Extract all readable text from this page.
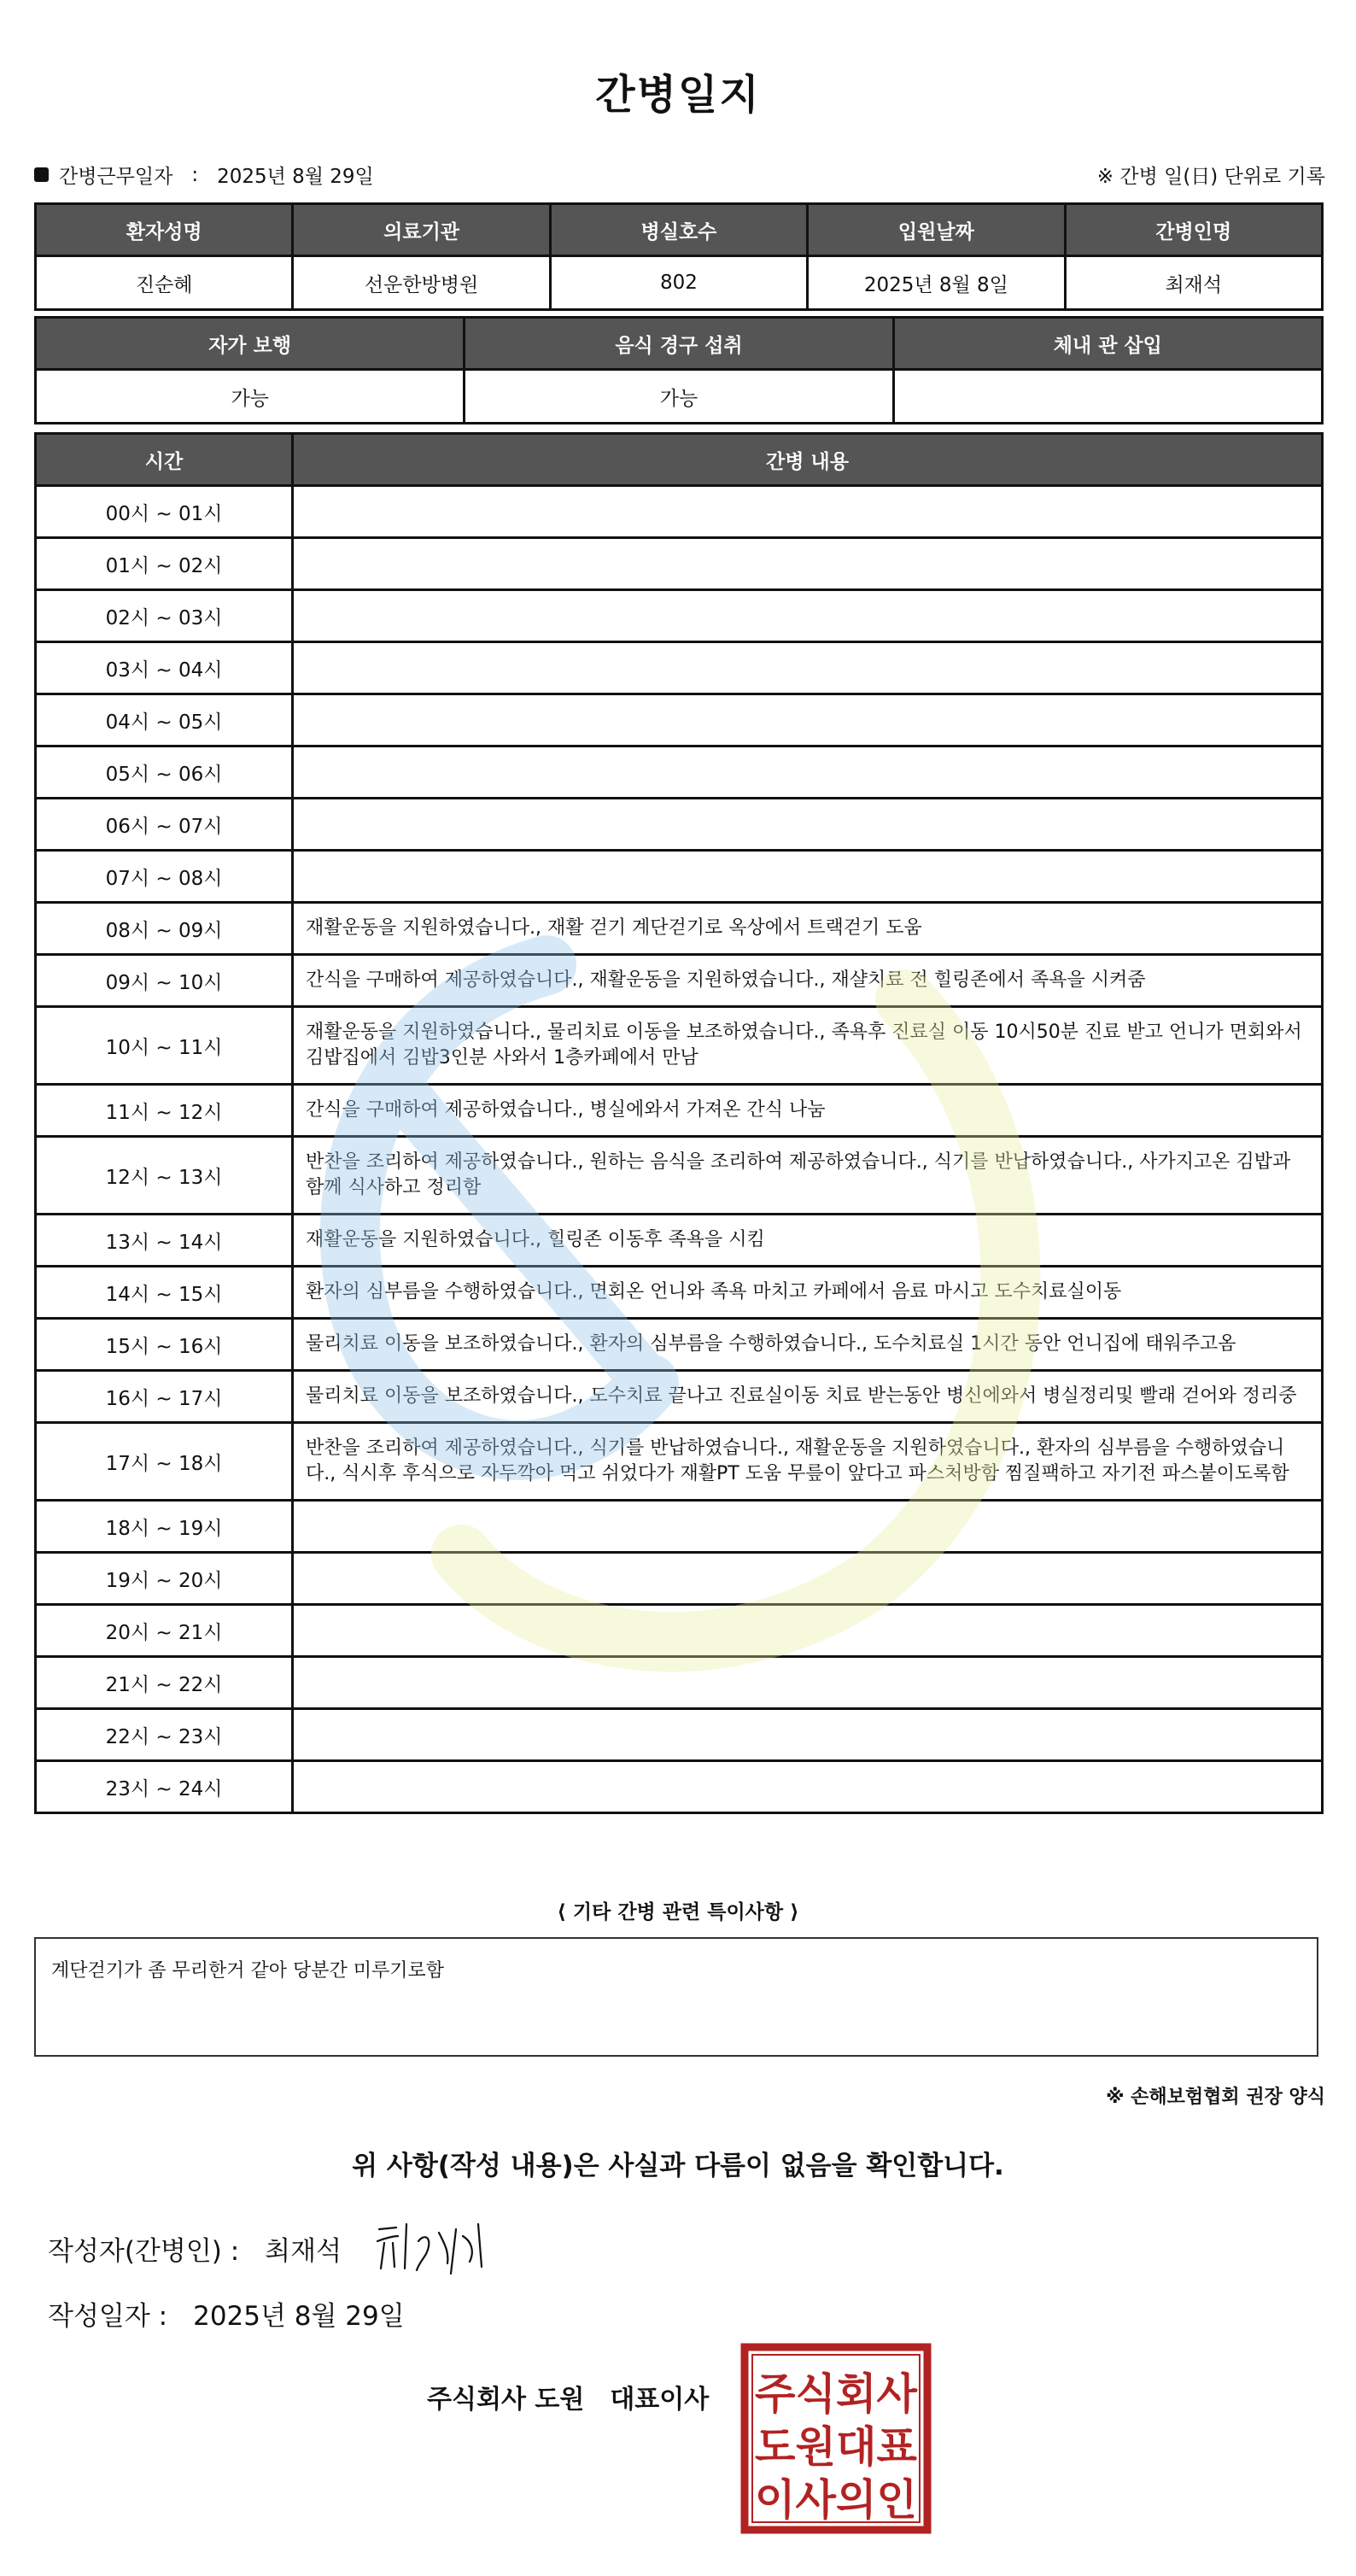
간병일지
간병근무일자 : 2025년 8월 29일	※ 간병 일(日) 단위로 기록
환자성명	의료기관	병실호수	입원날짜	간병인명
진순혜	선운한방병원	802	2025년 8월 8일	최재석
자가 보행	음식 경구 섭취	체내 관 삽입
가능	가능	
시간	간병 내용
00시 ~ 01시	
01시 ~ 02시	
02시 ~ 03시	
03시 ~ 04시	
04시 ~ 05시	
05시 ~ 06시	
06시 ~ 07시	
07시 ~ 08시	
08시 ~ 09시	재활운동을 지원하였습니다., 재활 걷기 계단걷기로 옥상에서 트랙걷기 도움
09시 ~ 10시	간식을 구매하여 제공하였습니다., 재활운동을 지원하였습니다., 재샬치료 전 힐링존에서 족욕을 시켜줌
10시 ~ 11시	재활운동을 지원하였습니다., 물리치료 이동을 보조하였습니다., 족욕후 진료실 이동 10시50분 진료 받고 언니가 면회와서 김밥집에서 김밥3인분 사와서 1층카페에서 만남
11시 ~ 12시	간식을 구매하여 제공하였습니다., 병실에와서 가져온 간식 나눔
12시 ~ 13시	반찬을 조리하여 제공하였습니다., 원하는 음식을 조리하여 제공하였습니다., 식기를 반납하였습니다., 사가지고온 김밥과 함께 식사하고 정리함
13시 ~ 14시	재활운동을 지원하였습니다., 힐링존 이동후 족욕을 시킴
14시 ~ 15시	환자의 심부름을 수행하였습니다., 면회온 언니와 족욕 마치고 카페에서 음료 마시고 도수치료실이동
15시 ~ 16시	물리치료 이동을 보조하였습니다., 환자의 심부름을 수행하였습니다., 도수치료실 1시간 동안 언니집에 태워주고옴
16시 ~ 17시	물리치료 이동을 보조하였습니다., 도수치료 끝나고 진료실이동 치료 받는동안 병신에와서 병실정리및 빨래 걷어와 정리중
17시 ~ 18시	반찬을 조리하여 제공하였습니다., 식기를 반납하였습니다., 재활운동을 지원하였습니다., 환자의 심부름을 수행하였습니다., 식시후 후식으로 자두깍아 먹고 쉬었다가 재활PT 도움 무릎이 앞다고 파스처방함 찜질팩하고 자기전 파스붙이도록함
18시 ~ 19시	
19시 ~ 20시	
20시 ~ 21시	
21시 ~ 22시	
22시 ~ 23시	
23시 ~ 24시	
⟨ 기타 간병 관련 특이사항 ⟩
계단걷기가 좀 무리한거 같아 당분간 미루기로함
※ 손해보험협회 권장 양식
위 사항(작성 내용)은 사실과 다름이 없음을 확인합니다.
작성자(간병인) : 최재석
작성일자 : 2025년 8월 29일
주식회사 도원 대표이사 주식회사
도원대표
이사의인
